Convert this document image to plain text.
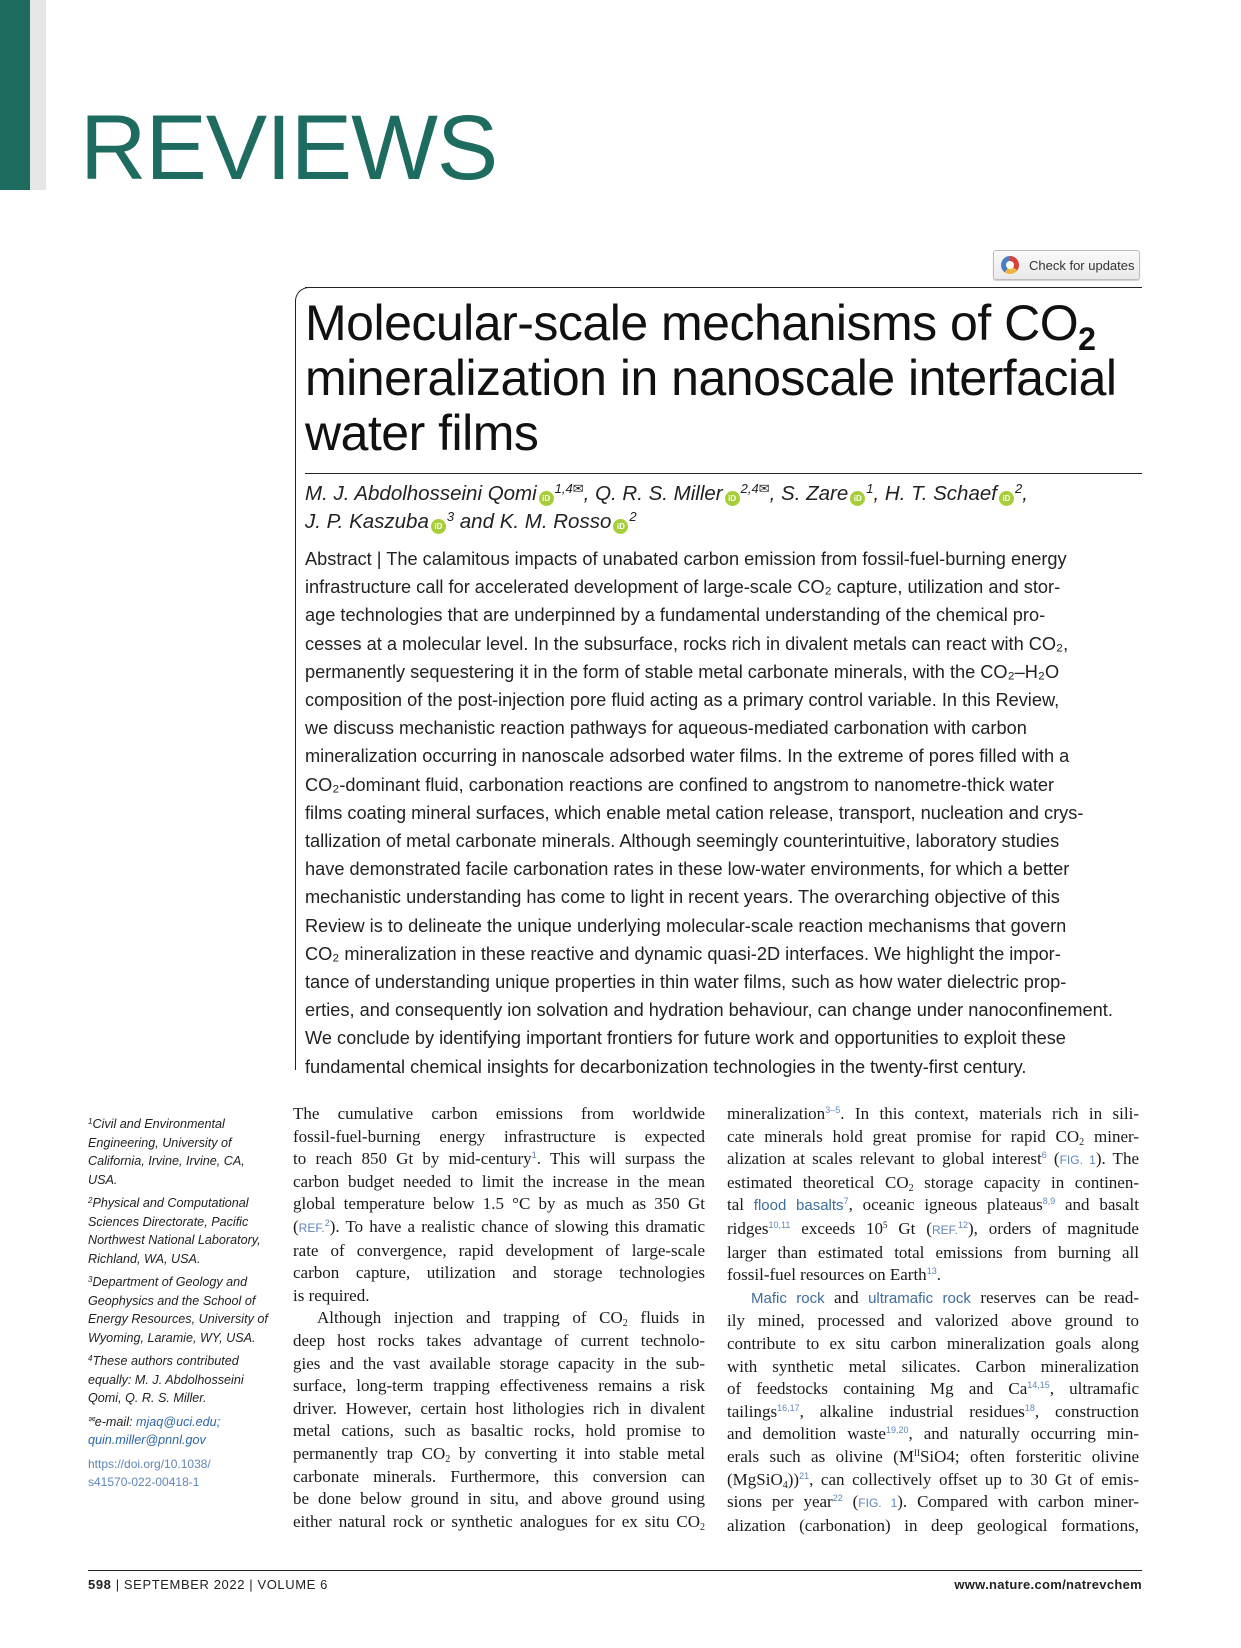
REVIEWS
Check for updates
Molecular-scale mechanisms of $CO_2$
mineralization in nanoscale interfacial
water films
M. J. Abdolhosseini Qomi $iD^{1,4✉}$, Q. R. S. Miller $iD^{2,4✉}$, S. Zare $iD^1$, H. T. Schaef $iD^2$,
J. P. Kaszuba $iD^3$ and K. M. Rosso $iD^2$
Abstract | The calamitous impacts of unabated carbon emission from fossil-fuel-burning energy
infrastructure call for accelerated development of large-scale CO₂ capture, utilization and stor-
age technologies that are underpinned by a fundamental understanding of the chemical pro-
cesses at a molecular level. In the subsurface, rocks rich in divalent metals can react with CO₂,
permanently sequestering it in the form of stable metal carbonate minerals, with the CO₂–H₂O
composition of the post-injection pore fluid acting as a primary control variable. In this Review,
we discuss mechanistic reaction pathways for aqueous-mediated carbonation with carbon
mineralization occurring in nanoscale adsorbed water films. In the extreme of pores filled with a
CO₂-dominant fluid, carbonation reactions are confined to angstrom to nanometre-thick water
films coating mineral surfaces, which enable metal cation release, transport, nucleation and crys-
tallization of metal carbonate minerals. Although seemingly counterintuitive, laboratory studies
have demonstrated facile carbonation rates in these low-water environments, for which a better
mechanistic understanding has come to light in recent years. The overarching objective of this
Review is to delineate the unique underlying molecular-scale reaction mechanisms that govern
CO₂ mineralization in these reactive and dynamic quasi-2D interfaces. We highlight the impor-
tance of understanding unique properties in thin water films, such as how water dielectric prop-
erties, and consequently ion solvation and hydration behaviour, can change under nanoconfinement.
We conclude by identifying important frontiers for future work and opportunities to exploit these
fundamental chemical insights for decarbonization technologies in the twenty-first century.

$^1$Civil and Environmental Engineering, University of California, Irvine, Irvine, CA, USA.

$^2$Physical and Computational Sciences Directorate, Pacific Northwest National Laboratory, Richland, WA, USA.

$^3$Department of Geology and Geophysics and the School of Energy Resources, University of Wyoming, Laramie, WY, USA.

$^4$These authors contributed equally: M. J. Abdolhosseini Qomi, Q. R. S. Miller.

✉e-mail: mjaq@uci.edu;
quin.miller@pnnl.gov

https://doi.org/10.1038/
s41570-022-00418-1

The cumulative carbon emissions from worldwide
fossil-fuel-burning energy infrastructure is expected
to reach 850 Gt by mid-century$^1$. This will surpass the
carbon budget needed to limit the increase in the mean
global temperature below 1.5 °C by as much as 350 Gt
(REF.$^2$). To have a realistic chance of slowing this dramatic
rate of convergence, rapid development of large-scale
carbon capture, utilization and storage technologies
is required.
Although injection and trapping of $CO_2$ fluids in
deep host rocks takes advantage of current technolo-
gies and the vast available storage capacity in the sub-
surface, long-term trapping effectiveness remains a risk
driver. However, certain host lithologies rich in divalent
metal cations, such as basaltic rocks, hold promise to
permanently trap $CO_2$ by converting it into stable metal
carbonate minerals. Furthermore, this conversion can
be done below ground in situ, and above ground using
either natural rock or synthetic analogues for ex situ $CO_2$
mineralization$^{3-5}$. In this context, materials rich in sili-
cate minerals hold great promise for rapid $CO_2$ miner-
alization at scales relevant to global interest$^6$ (FIG. 1). The
estimated theoretical $CO_2$ storage capacity in continen-
tal flood basalts$^7$, oceanic igneous plateaus$^{8,9}$ and basalt
ridges$^{10,11}$ exceeds $10^5$ Gt (REF.$^{12}$), orders of magnitude
larger than estimated total emissions from burning all
fossil-fuel resources on Earth$^{13}$.
Mafic rock and ultramafic rock reserves can be read-
ily mined, processed and valorized above ground to
contribute to ex situ carbon mineralization goals along
with synthetic metal silicates. Carbon mineralization
of feedstocks containing Mg and Ca$^{14,15}$, ultramafic
tailings$^{16,17}$, alkaline industrial residues$^{18}$, construction
and demolition waste$^{19,20}$, and naturally occurring min-
erals such as olivine ($M^{II}SiO4$; often forsteritic olivine
(MgSiO$_4$))$^{21}$, can collectively offset up to 30 Gt of emis-
sions per year$^{22}$ (FIG. 1). Compared with carbon miner-
alization (carbonation) in deep geological formations,
598 | SEPTEMBER 2022 | VOLUME 6	www.nature.com/natrevchem
